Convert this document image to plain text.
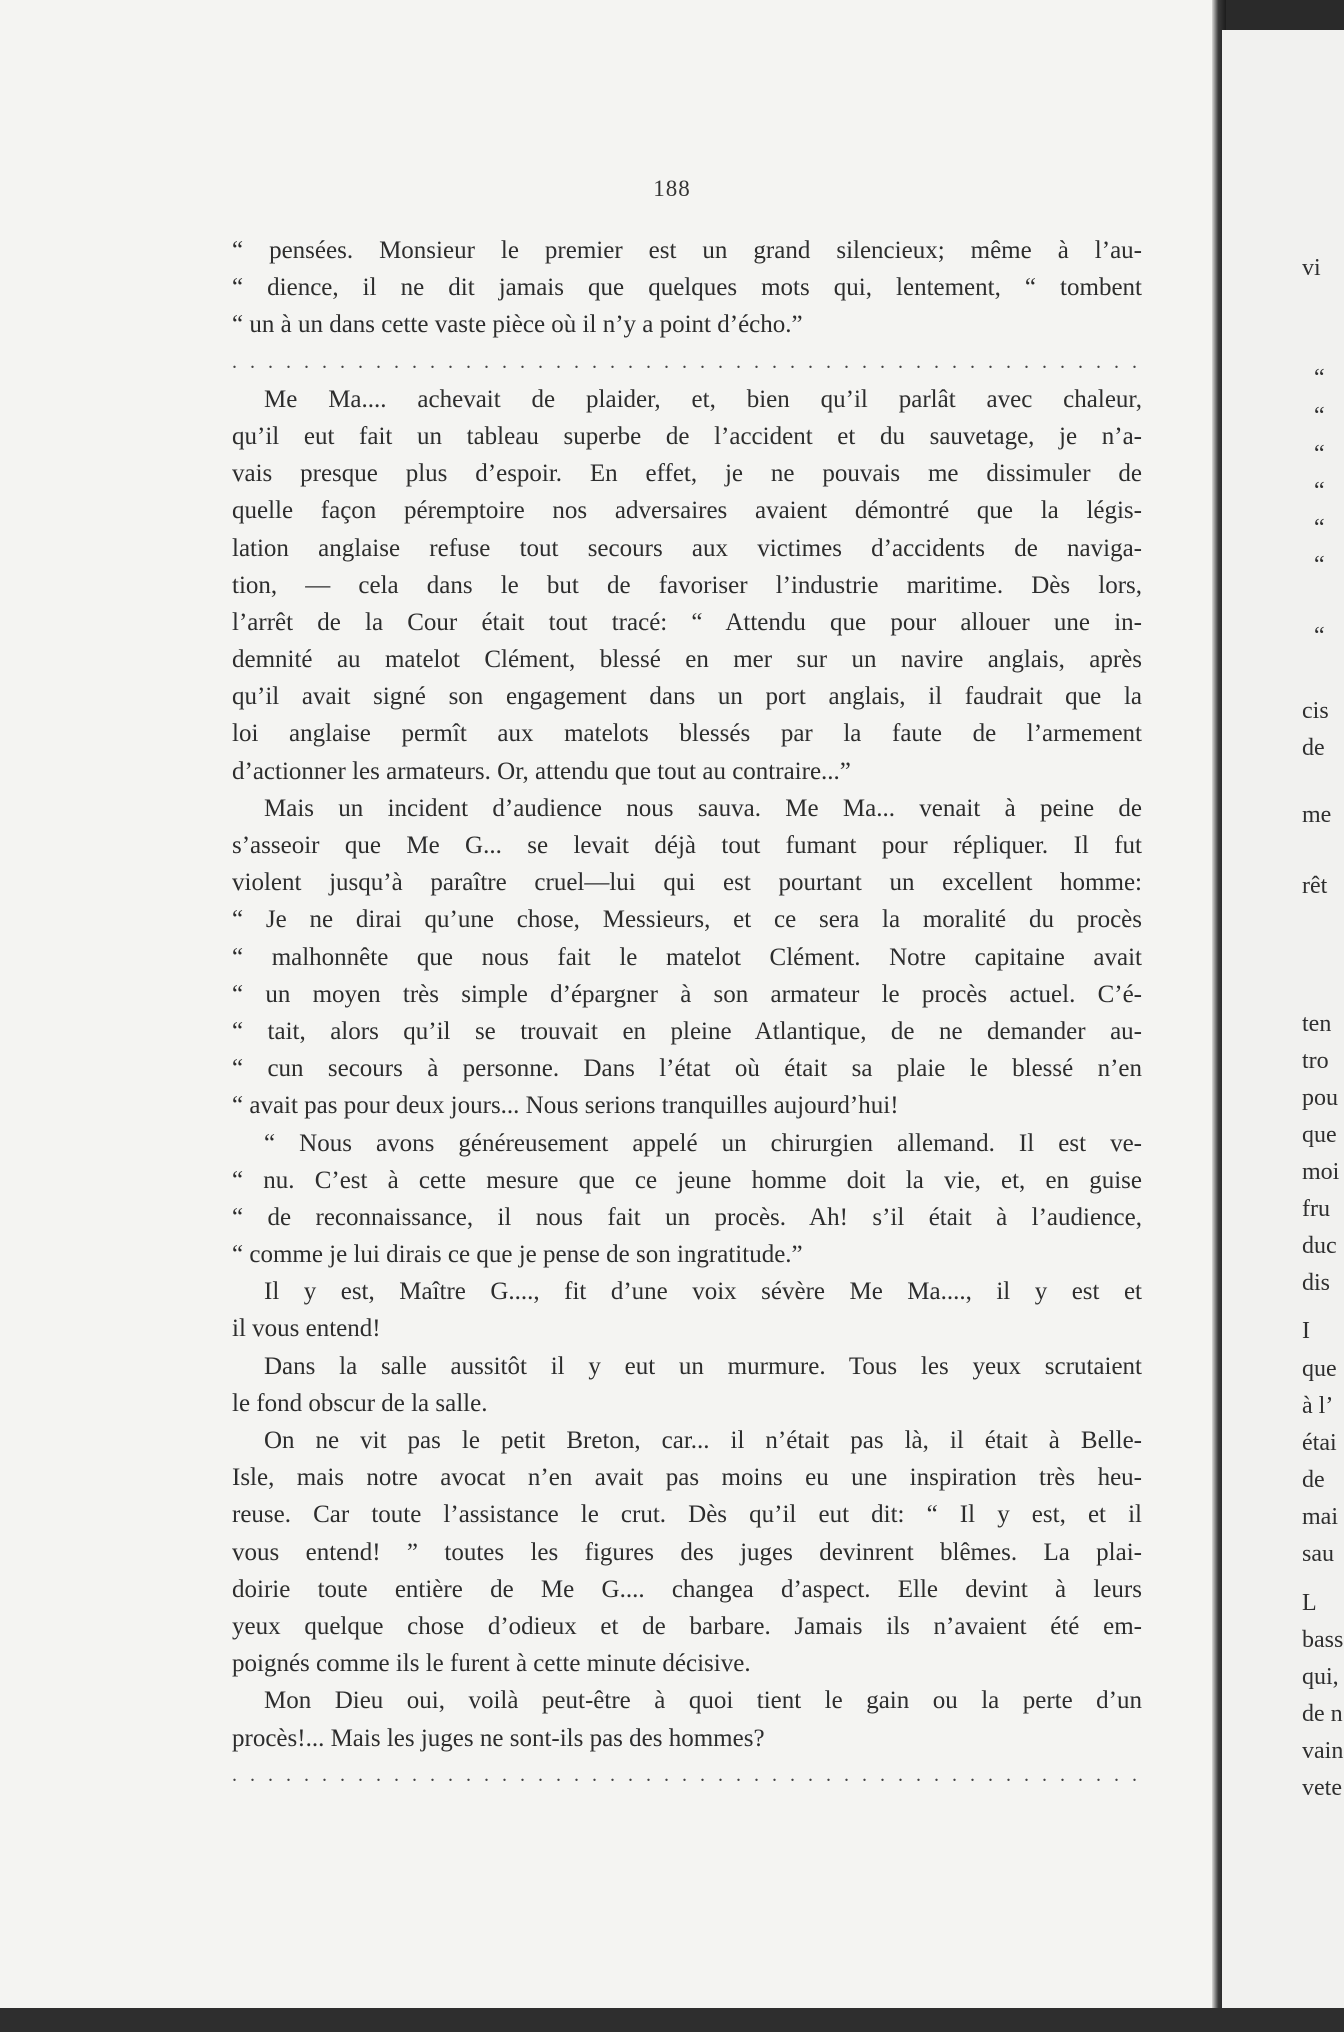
188
“ pensées. Monsieur le premier est un grand silencieux; même à l’au-
“ dience, il ne dit jamais que quelques mots qui, lentement, “ tombent
“ un à un dans cette vaste pièce où il n’y a point d’écho.”
. . . . . . . . . . . . . . . . . . . . . . . . . . . . . . . . . . . . . . . . . . . . . . . . . . .
Me Ma.... achevait de plaider, et, bien qu’il parlât avec chaleur,
qu’il eut fait un tableau superbe de l’accident et du sauvetage, je n’a-
vais presque plus d’espoir. En effet, je ne pouvais me dissimuler de
quelle façon péremptoire nos adversaires avaient démontré que la légis-
lation anglaise refuse tout secours aux victimes d’accidents de naviga-
tion, — cela dans le but de favoriser l’industrie maritime. Dès lors,
l’arrêt de la Cour était tout tracé: “ Attendu que pour allouer une in-
demnité au matelot Clément, blessé en mer sur un navire anglais, après
qu’il avait signé son engagement dans un port anglais, il faudrait que la
loi anglaise permît aux matelots blessés par la faute de l’armement
d’actionner les armateurs. Or, attendu que tout au contraire...”
Mais un incident d’audience nous sauva. Me Ma... venait à peine de
s’asseoir que Me G... se levait déjà tout fumant pour répliquer. Il fut
violent jusqu’à paraître cruel—lui qui est pourtant un excellent homme:
“ Je ne dirai qu’une chose, Messieurs, et ce sera la moralité du procès
“ malhonnête que nous fait le matelot Clément. Notre capitaine avait
“ un moyen très simple d’épargner à son armateur le procès actuel. C’é-
“ tait, alors qu’il se trouvait en pleine Atlantique, de ne demander au-
“ cun secours à personne. Dans l’état où était sa plaie le blessé n’en
“ avait pas pour deux jours... Nous serions tranquilles aujourd’hui!
“ Nous avons généreusement appelé un chirurgien allemand. Il est ve-
“ nu. C’est à cette mesure que ce jeune homme doit la vie, et, en guise
“ de reconnaissance, il nous fait un procès. Ah! s’il était à l’audience,
“ comme je lui dirais ce que je pense de son ingratitude.”
Il y est, Maître G...., fit d’une voix sévère Me Ma...., il y est et
il vous entend!
Dans la salle aussitôt il y eut un murmure. Tous les yeux scrutaient
le fond obscur de la salle.
On ne vit pas le petit Breton, car... il n’était pas là, il était à Belle-
Isle, mais notre avocat n’en avait pas moins eu une inspiration très heu-
reuse. Car toute l’assistance le crut. Dès qu’il eut dit: “ Il y est, et il
vous entend! ” toutes les figures des juges devinrent blêmes. La plai-
doirie toute entière de Me G.... changea d’aspect. Elle devint à leurs
yeux quelque chose d’odieux et de barbare. Jamais ils n’avaient été em-
poignés comme ils le furent à cette minute décisive.
Mon Dieu oui, voilà peut-être à quoi tient le gain ou la perte d’un
procès!... Mais les juges ne sont-ils pas des hommes?
. . . . . . . . . . . . . . . . . . . . . . . . . . . . . . . . . . . . . . . . . . . . . . . . . . .
vi
“
“
“
“
“
“
“
cis
de
me
rêt
ten
tro
pou
que
moi
fru
duc
dis
I
que
à l’
étai
de
mai
sau
L
bass
qui,
de n
vain
vete
